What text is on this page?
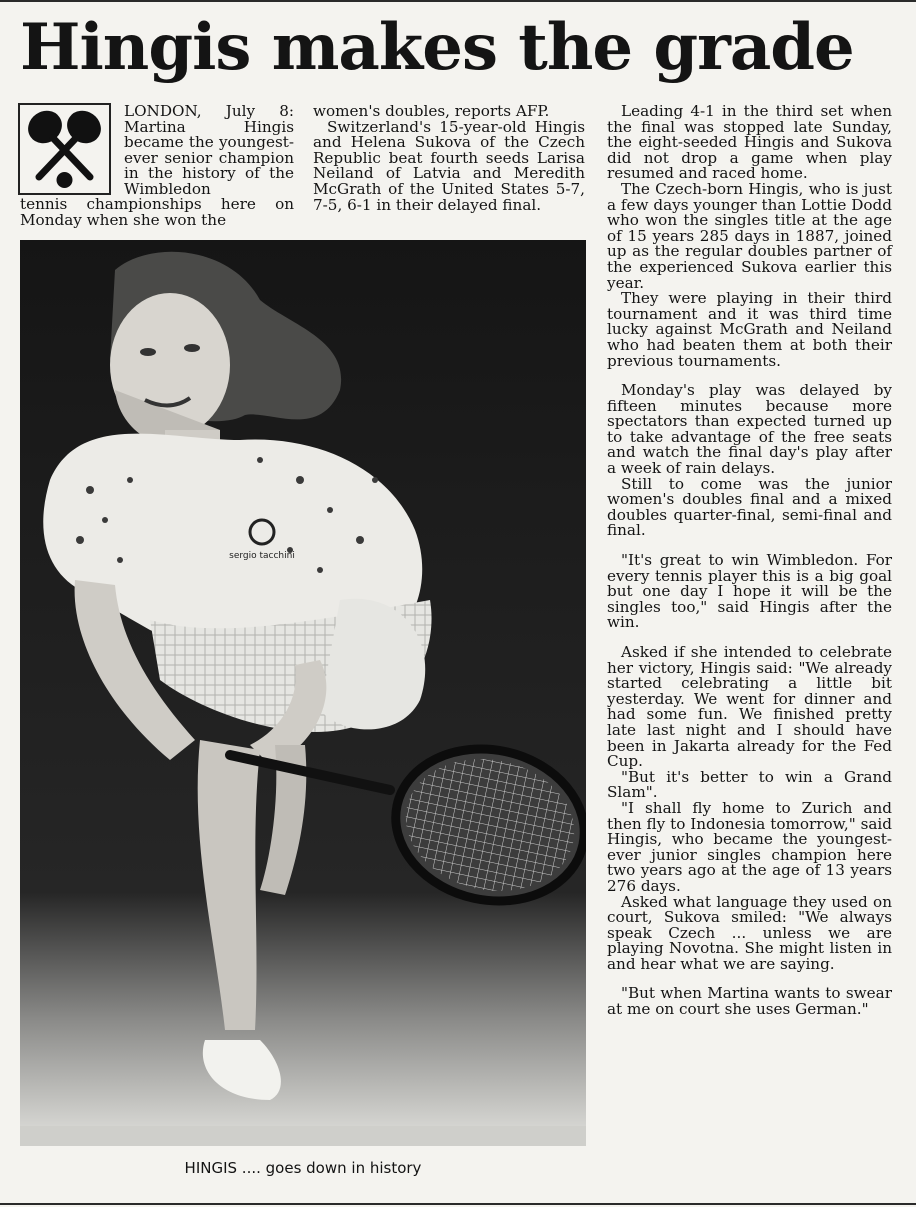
Hingis makes the grade

LONDON, July 8: Martina Hingis became the youngest-ever senior champion in the history of the Wimbledon

tennis championships here on Monday when she won the

women's doubles, reports AFP.

Switzerland's 15-year-old Hingis and Helena Sukova of the Czech Republic beat fourth seeds Larisa Neiland of Latvia and Meredith McGrath of the United States 5-7, 7-5, 6-1 in their delayed final.

Leading 4-1 in the third set when the final was stopped late Sunday, the eight-seeded Hingis and Sukova did not drop a game when play resumed and raced home.

The Czech-born Hingis, who is just a few days younger than Lottie Dodd who won the singles title at the age of 15 years 285 days in 1887, joined up as the regular doubles partner of the experienced Sukova earlier this year.

They were playing in their third tournament and it was third time lucky against McGrath and Neiland who had beaten them at both their previous tournaments.

Monday's play was delayed by fifteen minutes because more spectators than expected turned up to take advantage of the free seats and watch the final day's play after a week of rain delays.

Still to come was the junior women's doubles final and a mixed doubles quarter-final, semi-final and final.

"It's great to win Wimbledon. For every tennis player this is a big goal but one day I hope it will be the singles too," said Hingis after the win.

Asked if she intended to celebrate her victory, Hingis said: "We already started celebrating a little bit yesterday. We went for dinner and had some fun. We finished pretty late last night and I should have been in Jakarta already for the Fed Cup.

"But it's better to win a Grand Slam".

"I shall fly home to Zurich and then fly to Indonesia tomorrow," said Hingis, who became the youngest-ever junior singles champion here two years ago at the age of 13 years 276 days.

Asked what language they used on court, Sukova smiled: "We always speak Czech ... unless we are playing Novotna. She might listen in and hear what we are saying.

"But when Martina wants to swear at me on court she uses German."

sergio tacchini
HINGIS .... goes down in history
